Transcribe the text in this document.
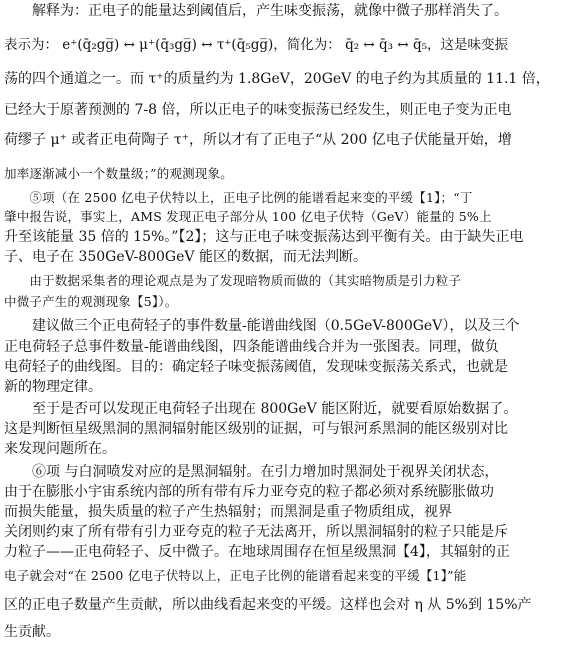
　　解释为：正电子的能量达到阈值后，产生味变振荡，就像中微子那样消失了。
表示为： e⁺(q̄₂gg̅) ↔ μ⁺(q̄₃gg̅) ↔ τ⁺(q̄₅gg̅)，简化为： q̄₂ ↔ q̄₃ ↔ q̄₅，这是味变振
荡的四个通道之一。而 τ⁺的质量约为 1.8GeV，20GeV 的电子约为其质量的 11.1 倍，
已经大于原著预测的 7-8 倍，所以正电子的味变振荡已经发生，则正电子变为正电
荷缪子 μ⁺ 或者正电荷陶子 τ⁺，所以才有了正电子“从 200 亿电子伏能量开始，增
加率逐渐减小一个数量级；”的观测现象。
　　⑤项（在 2500 亿电子伏特以上，正电子比例的能谱看起来变的平缓【1】；“丁
肇中报告说，事实上，AMS 发现正电子部分从 100 亿电子伏特（GeV）能量的 5%上
升至该能量 35 倍的 15%。”【2】；这与正电子味变振荡达到平衡有关。由于缺失正电
子、电子在 350GeV-800GeV 能区的数据，而无法判断。
　　由于数据采集者的理论观点是为了发现暗物质而做的（其实暗物质是引力粒子
中微子产生的观测现象【5】）。
　　建议做三个正电荷轻子的事件数量-能谱曲线图（0.5GeV-800GeV），以及三个
正电荷轻子总事件数量-能谱曲线图，四条能谱曲线合并为一张图表。同理，做负
电荷轻子的曲线图。目的：确定轻子味变振荡阈值，发现味变振荡关系式，也就是
新的物理定律。
　　至于是否可以发现正电荷轻子出现在 800GeV 能区附近，就要看原始数据了。
这是判断恒星级黑洞的黑洞辐射能区级别的证据，可与银河系黑洞的能区级别对比
来发现问题所在。
　　⑥项 与白洞喷发对应的是黑洞辐射。在引力增加时黑洞处于视界关闭状态，
由于在膨胀小宇宙系统内部的所有带有斥力亚夸克的粒子都必须对系统膨胀做功
而损失能量，损失质量的粒子产生热辐射；而黑洞是重子物质组成，视界
关闭则约束了所有带有引力亚夸克的粒子无法离开，所以黑洞辐射的粒子只能是斥
力粒子——正电荷轻子、反中微子。在地球周围存在恒星级黑洞【4】，其辐射的正
电子就会对“在 2500 亿电子伏特以上，正电子比例的能谱看起来变的平缓【1】”能
区的正电子数量产生贡献，所以曲线看起来变的平缓。这样也会对 η 从 5%到 15%产
生贡献。
